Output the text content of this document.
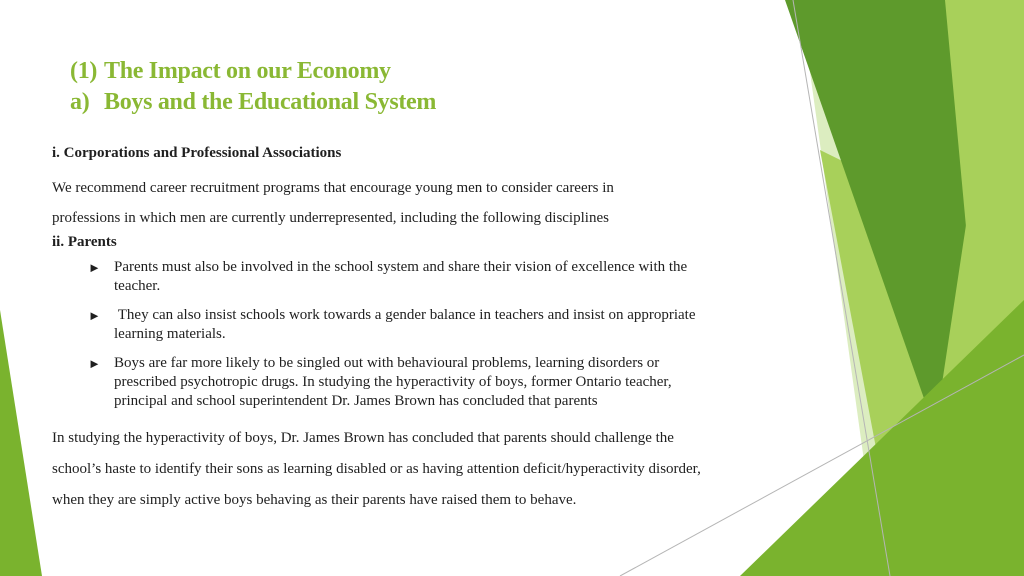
(1) The Impact on our Economy
a) Boys and the Educational System
i. Corporations and Professional Associations
We recommend career recruitment programs that encourage young men to consider careers in
professions in which men are currently underrepresented, including the following disciplines
ii. Parents
► Parents must also be involved in the school system and share their vision of excellence with the
teacher.
► They can also insist schools work towards a gender balance in teachers and insist on appropriate
learning materials.
► Boys are far more likely to be singled out with behavioural problems, learning disorders or
prescribed psychotropic drugs. In studying the hyperactivity of boys, former Ontario teacher,
principal and school superintendent Dr. James Brown has concluded that parents
In studying the hyperactivity of boys, Dr. James Brown has concluded that parents should challenge the
school’s haste to identify their sons as learning disabled or as having attention deficit/hyperactivity disorder,
when they are simply active boys behaving as their parents have raised them to behave.
